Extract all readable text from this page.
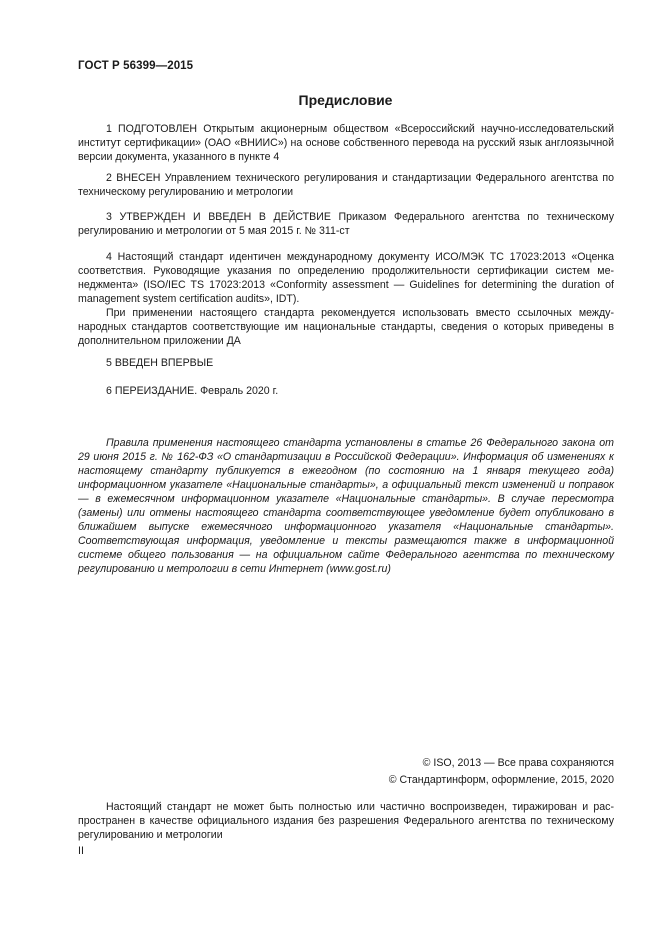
ГОСТ Р 56399—2015
Предисловие

1 ПОДГОТОВЛЕН Открытым акционерным обществом «Всероссийский научно-исследовательский институт сертификации» (ОАО «ВНИИС») на основе собственного перевода на русский язык англоязычной версии документа, указанного в пункте 4

2 ВНЕСЕН Управлением технического регулирования и стандартизации Федерального агентства по техническому регулированию и метрологии

3 УТВЕРЖДЕН И ВВЕДЕН В ДЕЙСТВИЕ Приказом Федерального агентства по техническому регулированию и метрологии от 5 мая 2015 г. № 311-ст

4 Настоящий стандарт идентичен международному документу ИСО/МЭК ТС 17023:2013 «Оценка соответствия. Руководящие указания по определению продолжительности сертификации систем менеджмента» (ISO/IEC TS 17023:2013 «Conformity assessment — Guidelines for determining the duration of management system certification audits», IDT).

При применении настоящего стандарта рекомендуется использовать вместо ссылочных международных стандартов соответствующие им национальные стандарты, сведения о которых приведены в дополнительном приложении ДА

5 ВВЕДЕН ВПЕРВЫЕ

6 ПЕРЕИЗДАНИЕ. Февраль 2020 г.

Правила применения настоящего стандарта установлены в статье 26 Федерального закона от 29 июня 2015 г. № 162-ФЗ «О стандартизации в Российской Федерации». Информация об изменениях к настоящему стандарту публикуется в ежегодном (по состоянию на 1 января текущего года) информационном указателе «Национальные стандарты», а официальный текст изменений и поправок — в ежемесячном информационном указателе «Национальные стандарты». В случае пересмотра (замены) или отмены настоящего стандарта соответствующее уведомление будет опубликовано в ближайшем выпуске ежемесячного информационного указателя «Национальные стандарты». Соответствующая информация, уведомление и тексты размещаются также в информационной системе общего пользования — на официальном сайте Федерального агентства по техническому регулированию и метрологии в сети Интернет (www.gost.ru)

© ISO, 2013 — Все права сохраняются
© Стандартинформ, оформление, 2015, 2020

Настоящий стандарт не может быть полностью или частично воспроизведен, тиражирован и распространен в качестве официального издания без разрешения Федерального агентства по техническому регулированию и метрологии

II
